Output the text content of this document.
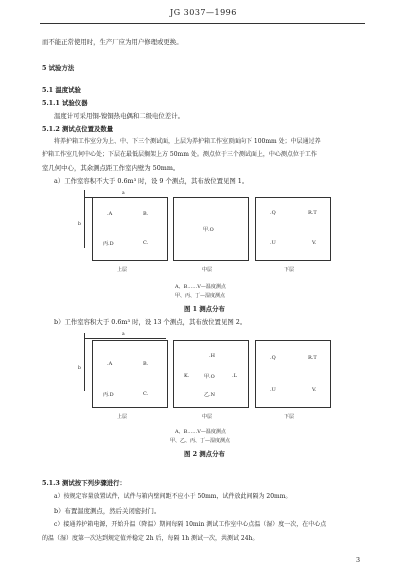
JG 3037—1996
而不能正常使用时，生产厂应为用户修理或更换。
5 试验方法
5.1 温度试验
5.1.1 试验仪器
温度计可采用铜-镍铜热电偶和二级电位差计。
5.1.2 测试点位置及数量
将养护箱工作室分为上、中、下三个测试面，上层为养护箱工作室顶面向下 100mm 处；中层通过养
护箱工作室几何中心处；下层在最低层搁架上方 50mm 处。测点位于三个测试面上，中心测点位于工作
室几何中心，其余测点距工作室内壁为 50mm。
a）工作室容积不大于 0.6m³ 时，设 9 个测点，其布放位置见图 1。
a
b
.A	B.
丙.D	C.
上层
甲.O
中层
.Q	R.T
.U	V.
下层
A、B……V—温度测点
甲、丙、丁—湿度测点
图 1 测点分布
b）工作室容积大于 0.6m³ 时，设 13 个测点，其布放位置见图 2。
a
b
.A	B.
丙.D	C.
上层
.H
K.	甲.O	.L
乙.N
中层
.Q	R.T
.U	V.
下层
A、B……V—温度测点
甲、乙、丙、丁—湿度测点
图 2 测点分布
5.1.3 测试按下列步骤进行：
a）按规定容量放置试件，试件与箱内壁间距不应小于 50mm，试件放此间隔为 20mm。
b）布置温度测点，然后关闭密封门。
c）接通养护箱电源，开始升温（降温）期间每隔 10min 测试工作室中心点温（湿）度一次，在中心点
的温（湿）度第一次达到规定值并稳定 2h 后，每隔 1h 测试一次，共测试 24h。
3
